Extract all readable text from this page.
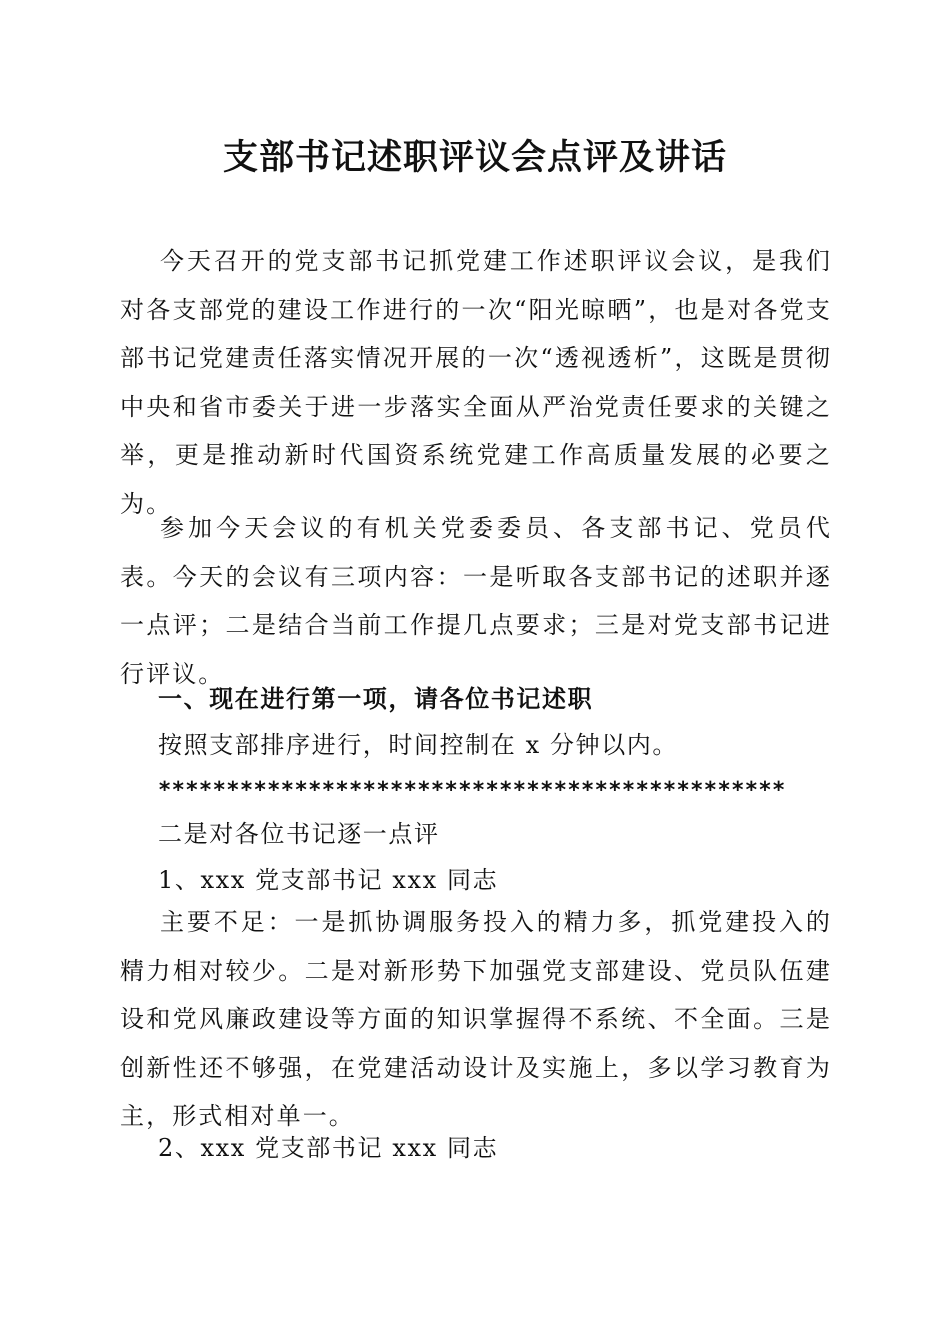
支部书记述职评议会点评及讲话

今天召开的党支部书记抓党建工作述职评议会议，是我们对各支部党的建设工作进行的一次“阳光晾晒”，也是对各党支部书记党建责任落实情况开展的一次“透视透析”，这既是贯彻中央和省市委关于进一步落实全面从严治党责任要求的关键之举，更是推动新时代国资系统党建工作高质量发展的必要之为。

参加今天会议的有机关党委委员、各支部书记、党员代表。今天的会议有三项内容：一是听取各支部书记的述职并逐一点评；二是结合当前工作提几点要求；三是对党支部书记进行评议。

一、现在进行第一项，请各位书记述职

按照支部排序进行，时间控制在 x 分钟以内。

**********************************************

二是对各位书记逐一点评

1、xxx 党支部书记 xxx 同志

主要不足：一是抓协调服务投入的精力多，抓党建投入的精力相对较少。二是对新形势下加强党支部建设、党员队伍建设和党风廉政建设等方面的知识掌握得不系统、不全面。三是创新性还不够强，在党建活动设计及实施上，多以学习教育为主，形式相对单一。

2、xxx 党支部书记 xxx 同志
